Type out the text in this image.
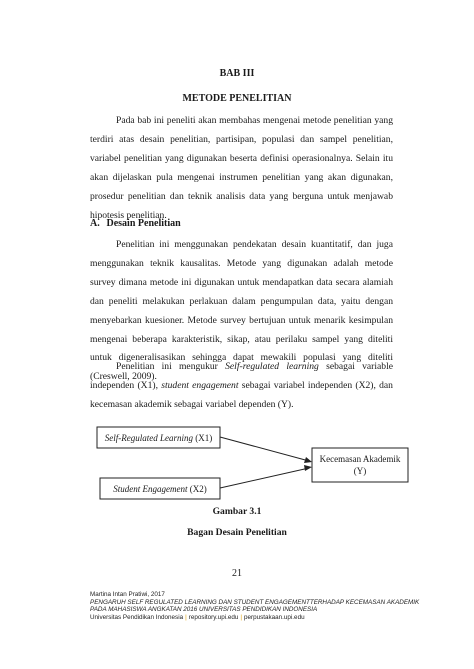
BAB III
METODE PENELITIAN

Pada bab ini peneliti akan membahas mengenai metode penelitian yang terdiri atas desain penelitian, partisipan, populasi dan sampel penelitian, variabel penelitian yang digunakan beserta definisi operasionalnya. Selain itu akan dijelaskan pula mengenai instrumen penelitian yang akan digunakan, prosedur penelitian dan teknik analisis data yang berguna untuk menjawab hipotesis penelitian.

A. Desain Penelitian

Penelitian ini menggunakan pendekatan desain kuantitatif, dan juga menggunakan teknik kausalitas. Metode yang digunakan adalah metode survey dimana metode ini digunakan untuk mendapatkan data secara alamiah dan peneliti melakukan perlakuan dalam pengumpulan data, yaitu dengan menyebarkan kuesioner. Metode survey bertujuan untuk menarik kesimpulan mengenai beberapa karakteristik, sikap, atau perilaku sampel yang diteliti untuk digeneralisasikan sehingga dapat mewakili populasi yang diteliti (Creswell, 2009).

Penelitian ini mengukur Self-regulated learning sebagai variable independen (X1), student engagement sebagai variabel independen (X2), dan kecemasan akademik sebagai variabel dependen (Y).

Self-Regulated Learning (X1)
Student Engagement (X2)
Kecemasan Akademik
(Y)
Gambar 3.1
Bagan Desain Penelitian
21
Martina Intan Pratiwi, 2017
PENGARUH SELF REGULATED LEARNING DAN STUDENT ENGAGEMENTTERHADAP KECEMASAN AKADEMIK
PADA MAHASISWA ANGKATAN 2016 UNIVERSITAS PENDIDIKAN INDONESIA
Universitas Pendidikan Indonesia | repository.upi.edu | perpustakaan.upi.edu
